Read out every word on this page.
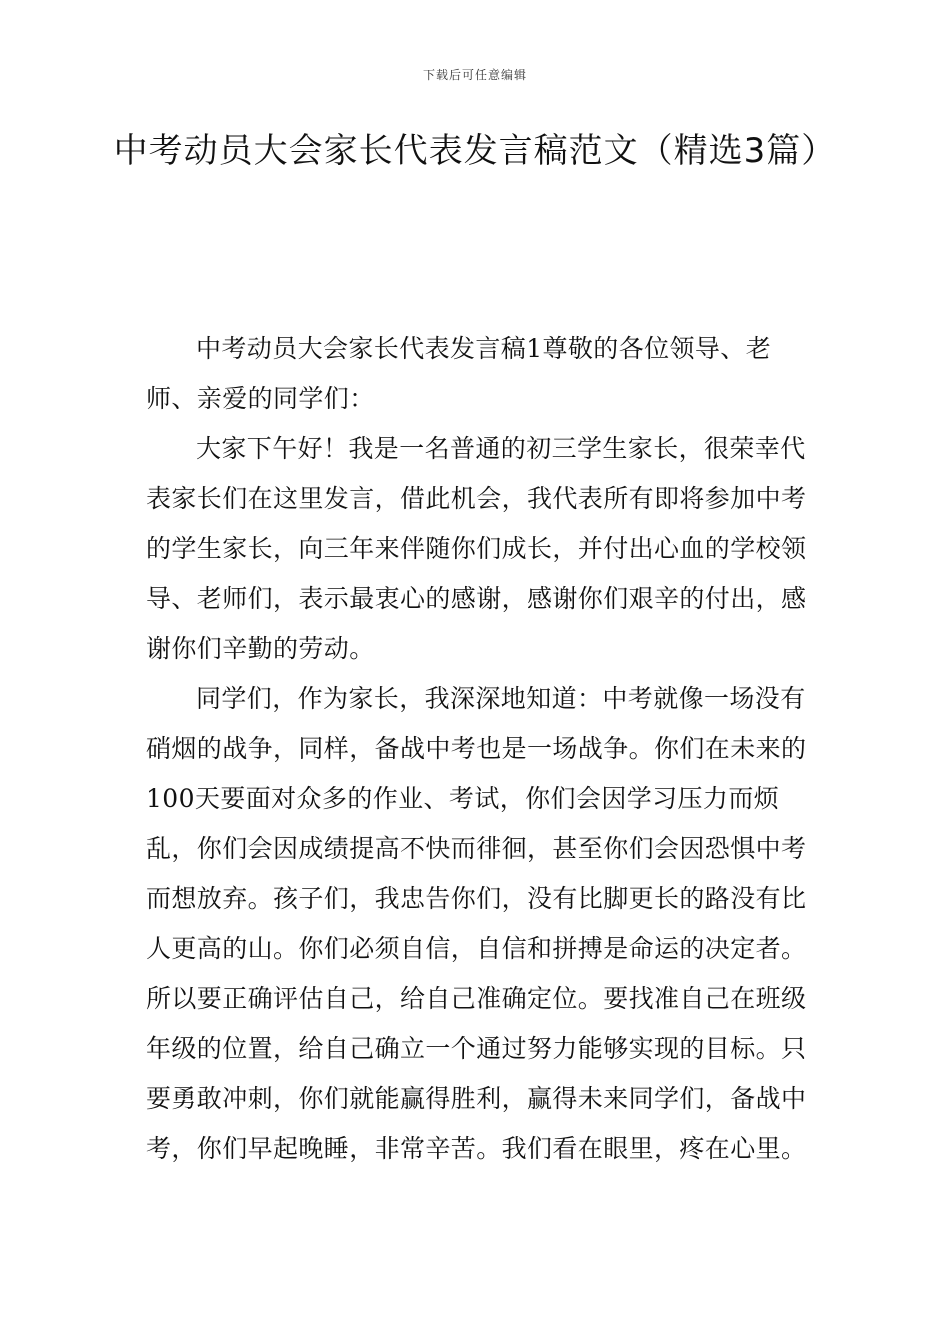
下载后可任意编辑
中考动员大会家长代表发言稿范文（精选3篇）

中考动员大会家长代表发言稿1尊敬的各位领导、老师、亲爱的同学们：

大家下午好！我是一名普通的初三学生家长，很荣幸代表家长们在这里发言，借此机会，我代表所有即将参加中考的学生家长，向三年来伴随你们成长，并付出心血的学校领导、老师们，表示最衷心的感谢，感谢你们艰辛的付出，感谢你们辛勤的劳动。

同学们，作为家长，我深深地知道：中考就像一场没有硝烟的战争，同样，备战中考也是一场战争。你们在未来的100天要面对众多的作业、考试，你们会因学习压力而烦乱，你们会因成绩提高不快而徘徊，甚至你们会因恐惧中考而想放弃。孩子们，我忠告你们，没有比脚更长的路没有比人更高的山。你们必须自信，自信和拼搏是命运的决定者。所以要正确评估自己，给自己准确定位。要找准自己在班级年级的位置，给自己确立一个通过努力能够实现的目标。只要勇敢冲刺，你们就能赢得胜利，赢得未来同学们，备战中考，你们早起晚睡，非常辛苦。我们看在眼里，疼在心里。
